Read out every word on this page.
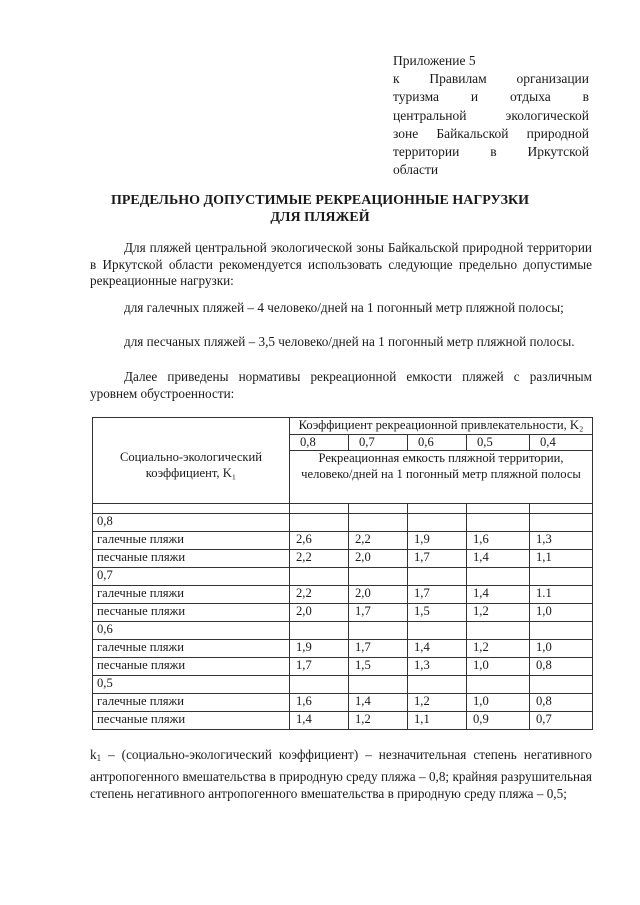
Приложение 5
к Правилам организации
туризма и отдыха в
центральной экологической
зоне Байкальской природной
территории в Иркутской
области
ПРЕДЕЛЬНО ДОПУСТИМЫЕ РЕКРЕАЦИОННЫЕ НАГРУЗКИ
ДЛЯ ПЛЯЖЕЙ
Для пляжей центральной экологической зоны Байкальской природной территории в Иркутской области рекомендуется использовать следующие предельно допустимые рекреационные нагрузки:
для галечных пляжей – 4 человеко/дней на 1 погонный метр пляжной полосы;
для песчаных пляжей – 3,5 человеко/дней на 1 погонный метр пляжной полосы.
Далее приведены нормативы рекреационной емкости пляжей с различным уровнем обустроенности:
Социально-экологический коэффициент, K₁	Коэффициент рекреационной привлекательности, K₂				
	0,8	0,7	0,6	0,5	0,4
	Рекреационная емкость пляжной территории, человеко/дней на 1 погонный метр пляжной полосы				

0,8					
галечные пляжи	2,6	2,2	1,9	1,6	1,3
песчаные пляжи	2,2	2,0	1,7	1,4	1,1
0,7					
галечные пляжи	2,2	2,0	1,7	1,4	1.1
песчаные пляжи	2,0	1,7	1,5	1,2	1,0
0,6					
галечные пляжи	1,9	1,7	1,4	1,2	1,0
песчаные пляжи	1,7	1,5	1,3	1,0	0,8
0,5					
галечные пляжи	1,6	1,4	1,2	1,0	0,8
песчаные пляжи	1,4	1,2	1,1	0,9	0,7
$k_1$ – (социально-экологический коэффициент) – незначительная степень негативного антропогенного вмешательства в природную среду пляжа – 0,8; крайняя разрушительная степень негативного антропогенного вмешательства в природную среду пляжа – 0,5;
